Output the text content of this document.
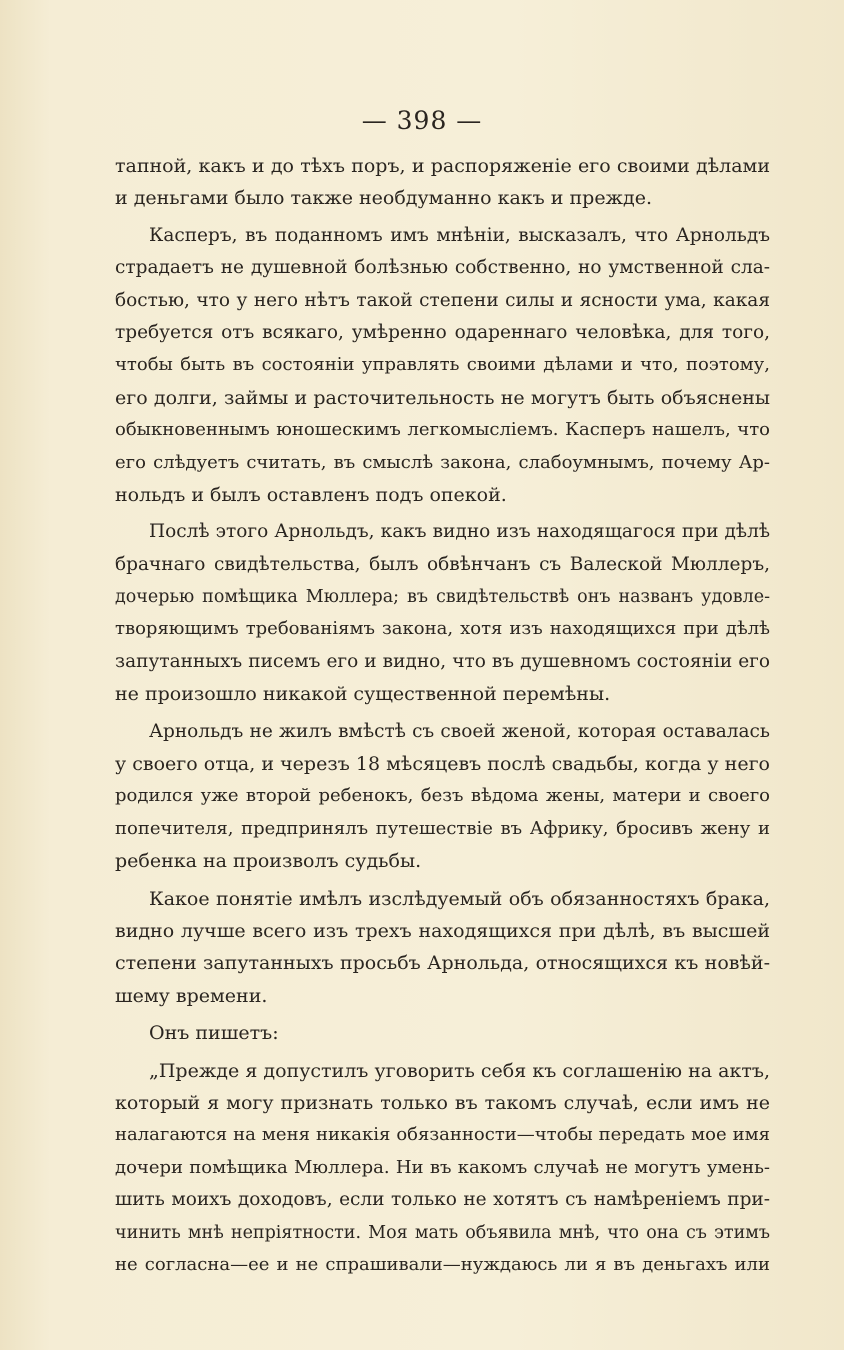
— 398 —
тапной, какъ и до тѣхъ поръ, и распоряженіе его своими дѣлами
и деньгами было также необдуманно какъ и прежде.
Касперъ, въ поданномъ имъ мнѣніи, высказалъ, что Арнольдъ
страдаетъ не душевной болѣзнью собственно, но умственной сла-
бостью, что у него нѣтъ такой степени силы и ясности ума, какая
требуется отъ всякаго, умѣренно одареннаго человѣка, для того,
чтобы быть въ состояніи управлять своими дѣлами и что, поэтому,
его долги, займы и расточительность не могутъ быть объяснены
обыкновеннымъ юношескимъ легкомысліемъ. Касперъ нашелъ, что
его слѣдуетъ считать, въ смыслѣ закона, слабоумнымъ, почему Ар-
нольдъ и былъ оставленъ подъ опекой.
Послѣ этого Арнольдъ, какъ видно изъ находящагося при дѣлѣ
брачнаго свидѣтельства, былъ обвѣнчанъ съ Валеской Мюллеръ,
дочерью помѣщика Мюллера; въ свидѣтельствѣ онъ названъ удовле-
творяющимъ требованіямъ закона, хотя изъ находящихся при дѣлѣ
запутанныхъ писемъ его и видно, что въ душевномъ состояніи его
не произошло никакой существенной перемѣны.
Арнольдъ не жилъ вмѣстѣ съ своей женой, которая оставалась
у своего отца, и черезъ 18 мѣсяцевъ послѣ свадьбы, когда у него
родился уже второй ребенокъ, безъ вѣдома жены, матери и своего
попечителя, предпринялъ путешествіе въ Африку, бросивъ жену и
ребенка на произволъ судьбы.
Какое понятіе имѣлъ изслѣдуемый объ обязанностяхъ брака,
видно лучше всего изъ трехъ находящихся при дѣлѣ, въ высшей
степени запутанныхъ просьбъ Арнольда, относящихся къ новѣй-
шему времени.
Онъ пишетъ:
„Прежде я допустилъ уговорить себя къ соглашенію на актъ,
который я могу признать только въ такомъ случаѣ, если имъ не
налагаются на меня никакія обязанности—чтобы передать мое имя
дочери помѣщика Мюллера. Ни въ какомъ случаѣ не могутъ умень-
шить моихъ доходовъ, если только не хотятъ съ намѣреніемъ при-
чинить мнѣ непріятности. Моя мать объявила мнѣ, что она съ этимъ
не согласна—ее и не спрашивали—нуждаюсь ли я въ деньгахъ или
